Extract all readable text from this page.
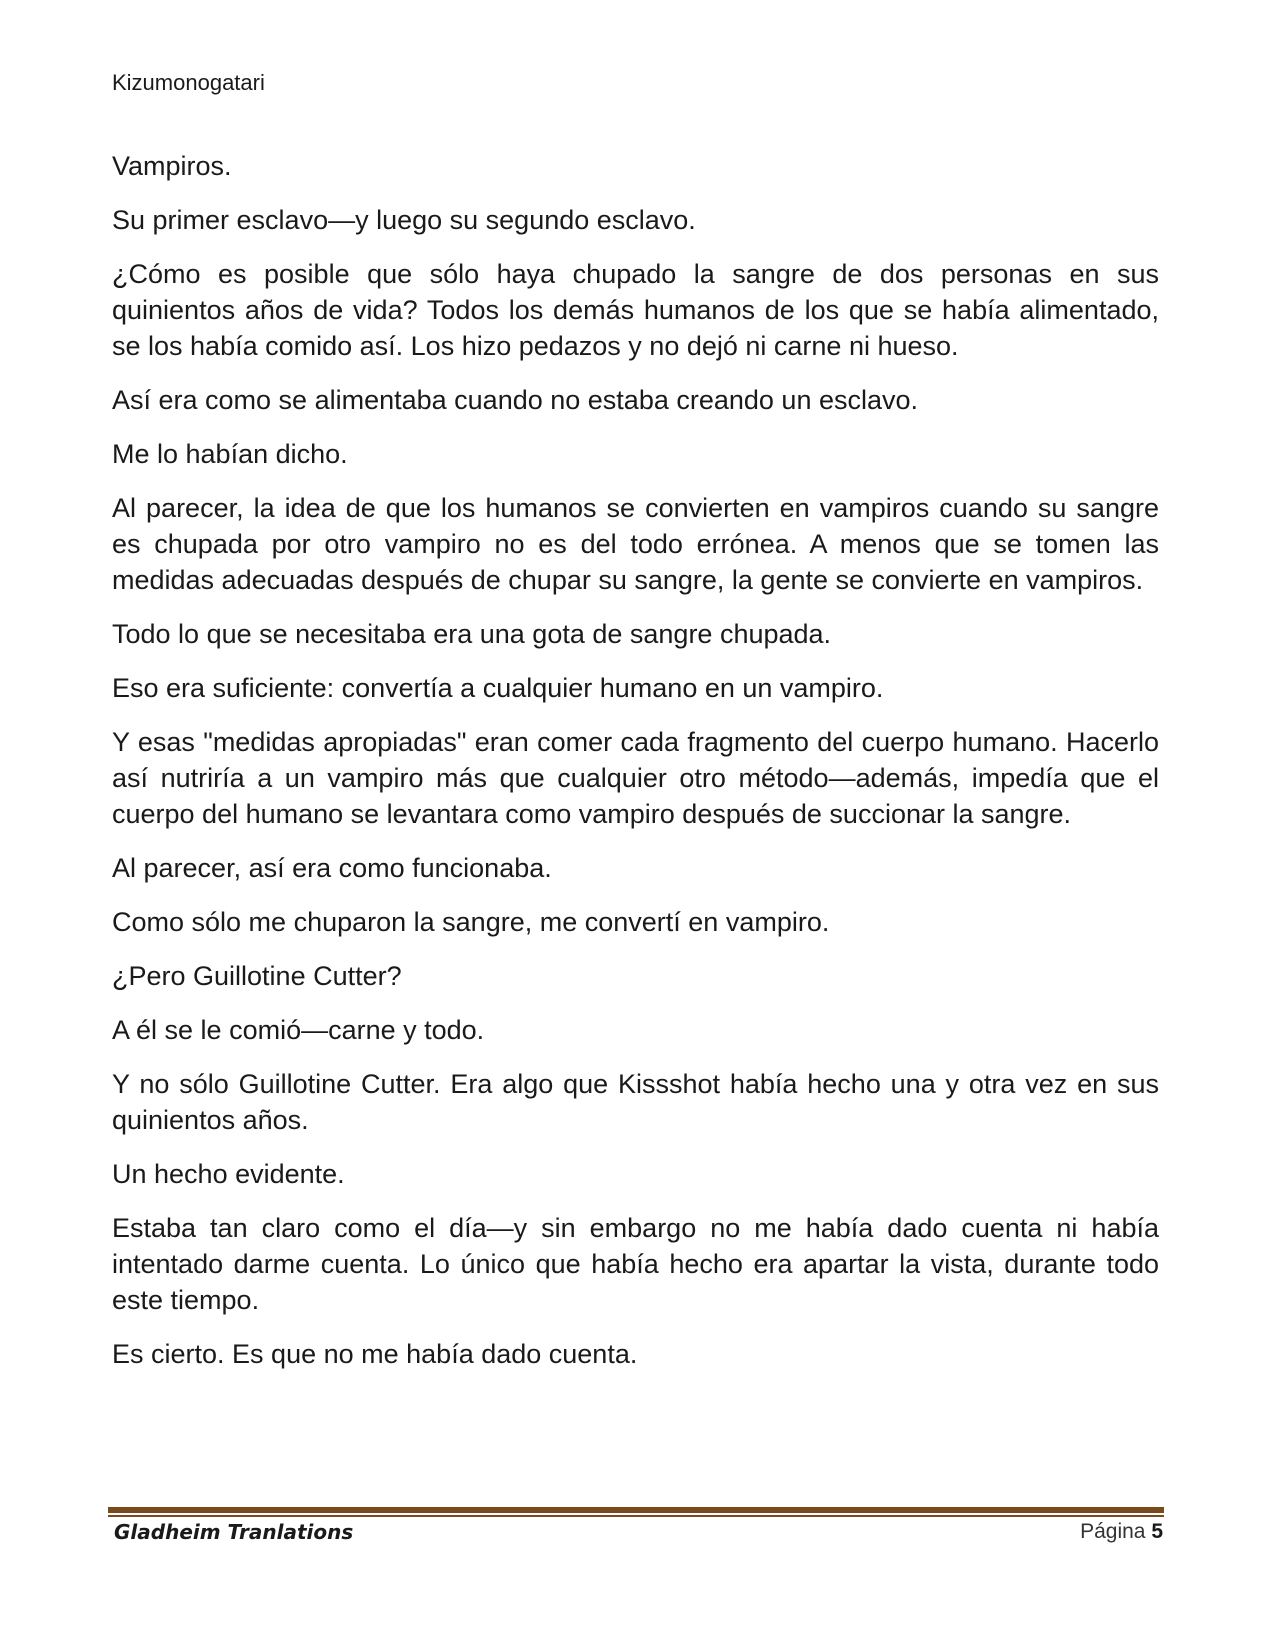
Kizumonogatari

Vampiros.

Su primer esclavo—y luego su segundo esclavo.

¿Cómo es posible que sólo haya chupado la sangre de dos personas en sus quinientos años de vida? Todos los demás humanos de los que se había alimentado, se los había comido así. Los hizo pedazos y no dejó ni carne ni hueso.

Así era como se alimentaba cuando no estaba creando un esclavo.

Me lo habían dicho.

Al parecer, la idea de que los humanos se convierten en vampiros cuando su sangre es chupada por otro vampiro no es del todo errónea. A menos que se tomen las medidas adecuadas después de chupar su sangre, la gente se convierte en vampiros.

Todo lo que se necesitaba era una gota de sangre chupada.

Eso era suficiente: convertía a cualquier humano en un vampiro.

Y esas "medidas apropiadas" eran comer cada fragmento del cuerpo humano. Hacerlo así nutriría a un vampiro más que cualquier otro método—además, impedía que el cuerpo del humano se levantara como vampiro después de succionar la sangre.

Al parecer, así era como funcionaba.

Como sólo me chuparon la sangre, me convertí en vampiro.

¿Pero Guillotine Cutter?

A él se le comió—carne y todo.

Y no sólo Guillotine Cutter. Era algo que Kissshot había hecho una y otra vez en sus quinientos años.

Un hecho evidente.

Estaba tan claro como el día—y sin embargo no me había dado cuenta ni había intentado darme cuenta. Lo único que había hecho era apartar la vista, durante todo este tiempo.

Es cierto. Es que no me había dado cuenta.

Gladheim Tranlations	Página 5
